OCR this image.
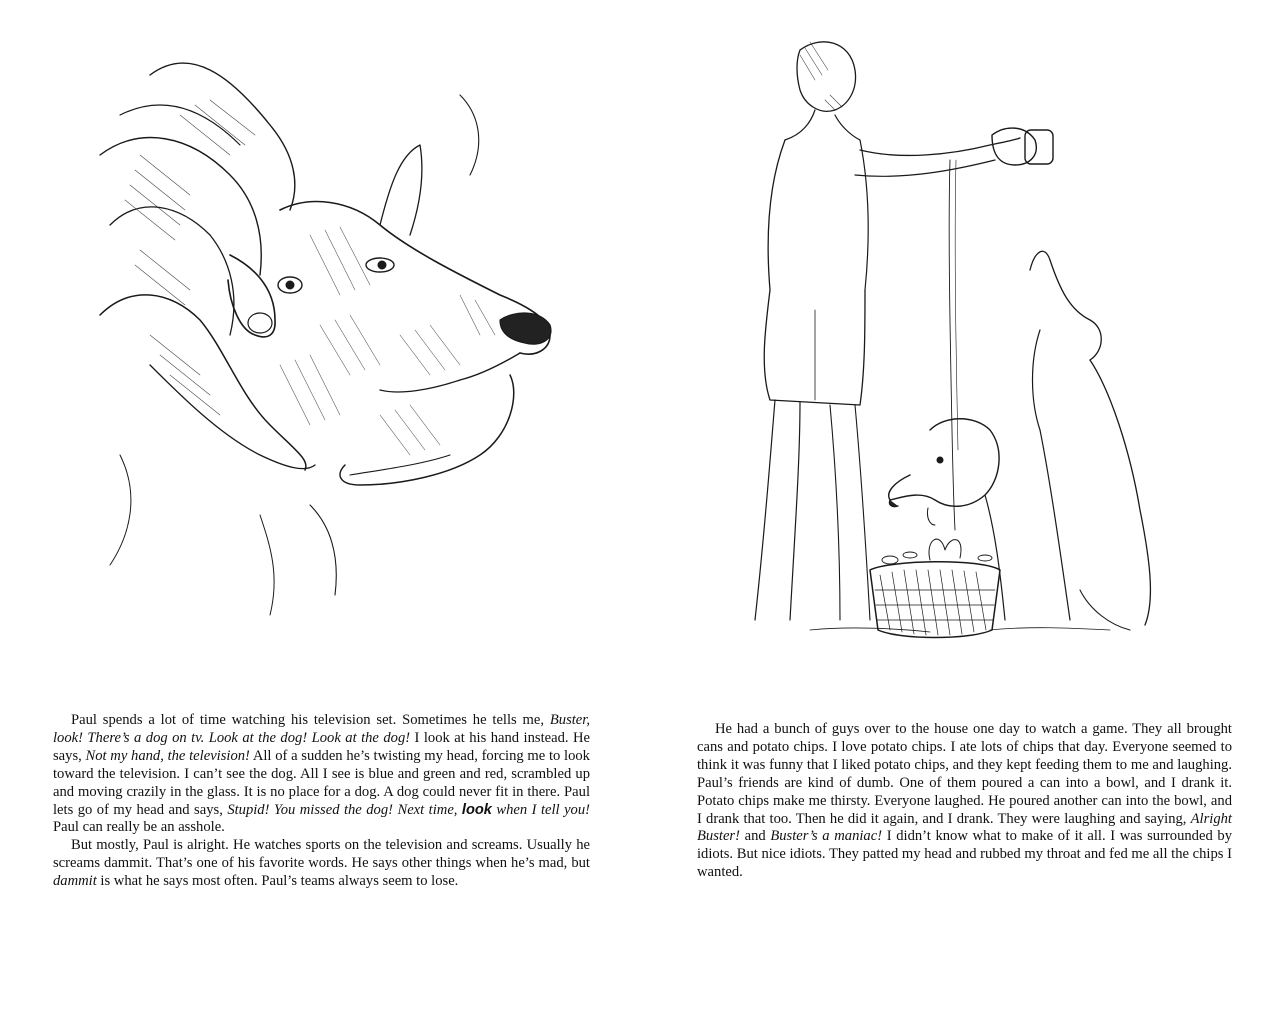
Paul spends a lot of time watching his television set. Sometimes he tells me, Buster, look! There’s a dog on tv. Look at the dog! Look at the dog! I look at his hand instead. He says, Not my hand, the television! All of a sudden he’s twisting my head, forcing me to look toward the television. I can’t see the dog. All I see is blue and green and red, scrambled up and moving crazily in the glass. It is no place for a dog. A dog could never fit in there. Paul lets go of my head and says, Stupid! You missed the dog! Next time, look when I tell you! Paul can really be an asshole.

But mostly, Paul is alright. He watches sports on the television and screams. Usually he screams dammit. That’s one of his favorite words. He says other things when he’s mad, but dammit is what he says most often. Paul’s teams always seem to lose.

He had a bunch of guys over to the house one day to watch a game. They all brought cans and potato chips. I love potato chips. I ate lots of chips that day. Everyone seemed to think it was funny that I liked potato chips, and they kept feeding them to me and laughing. Paul’s friends are kind of dumb. One of them poured a can into a bowl, and I drank it. Potato chips make me thirsty. Everyone laughed. He poured another can into the bowl, and I drank that too. Then he did it again, and I drank. They were laughing and saying, Alright Buster! and Buster’s a maniac! I didn’t know what to make of it all. I was surrounded by idiots. But nice idiots. They patted my head and rubbed my throat and fed me all the chips I wanted.
